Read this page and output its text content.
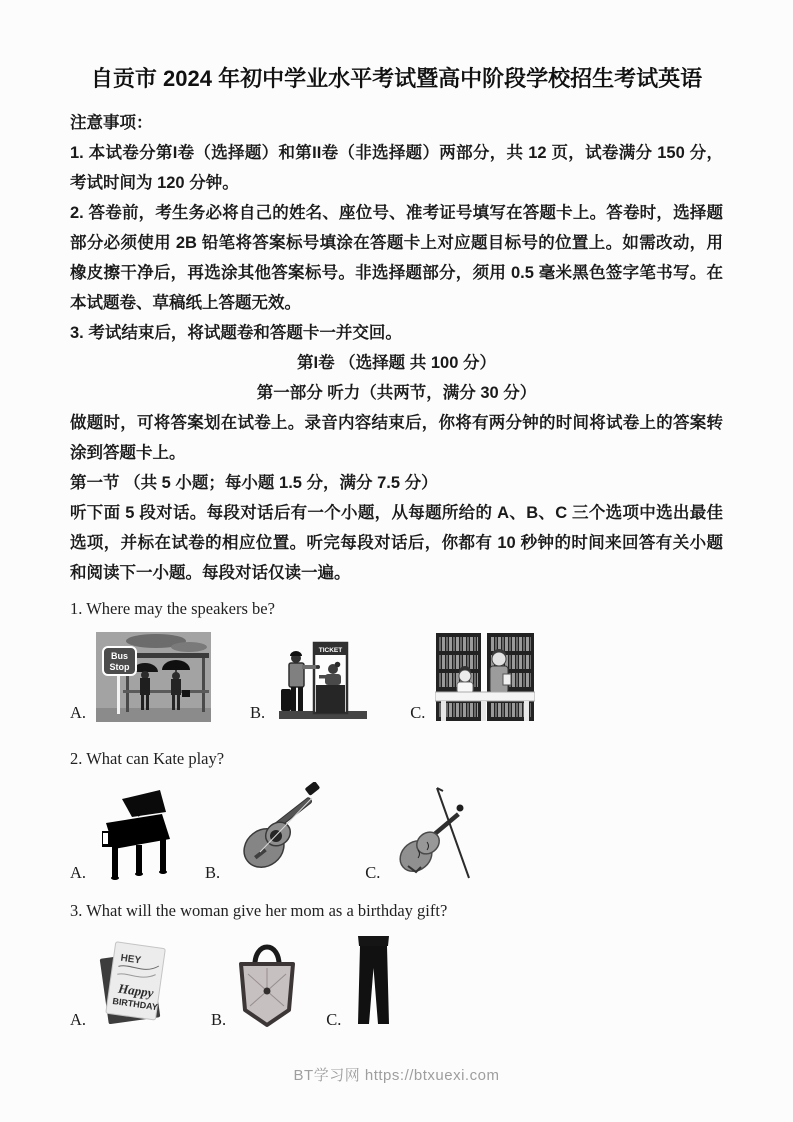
自贡市 2024 年初中学业水平考试暨高中阶段学校招生考试英语
注意事项：
1. 本试卷分第I卷（选择题）和第II卷（非选择题）两部分，共 12 页，试卷满分 150 分，考试时间为 120 分钟。
2. 答卷前，考生务必将自己的姓名、座位号、准考证号填写在答题卡上。答卷时，选择题部分必须使用 2B 铅笔将答案标号填涂在答题卡上对应题目标号的位置上。如需改动，用橡皮擦干净后，再选涂其他答案标号。非选择题部分，须用 0.5 毫米黑色签字笔书写。在本试题卷、草稿纸上答题无效。
3. 考试结束后，将试题卷和答题卡一并交回。
第I卷 （选择题 共 100 分）
第一部分 听力（共两节，满分 30 分）
做题时，可将答案划在试卷上。录音内容结束后，你将有两分钟的时间将试卷上的答案转涂到答题卡上。
第一节 （共 5 小题；每小题 1.5 分，满分 7.5 分）
听下面 5 段对话。每段对话后有一个小题，从每题所给的 A、B、C 三个选项中选出最佳选项，并标在试卷的相应位置。听完每段对话后，你都有 10 秒钟的时间来回答有关小题和阅读下一小题。每段对话仅读一遍。
1. Where may the speakers be?
A.
Bus
Stop
B.
TICKET
C.
2. What can Kate play?
A.	B.	C.
3. What will the woman give her mom as a birthday gift?
A.
HEY
Happy
BIRTHDAY
B.	C.
BT学习网 https://btxuexi.com
